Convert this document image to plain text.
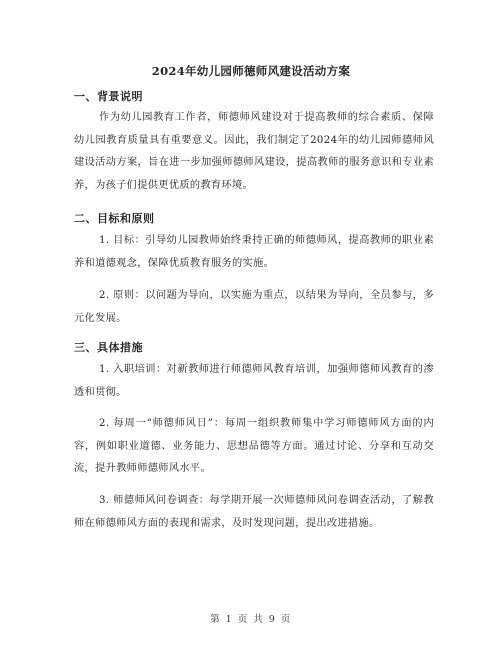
2024年幼儿园师德师风建设活动方案
一、背景说明

作为幼儿园教育工作者，师德师风建设对于提高教师的综合素质、保障幼儿园教育质量具有重要意义。因此，我们制定了2024年的幼儿园师德师风建设活动方案，旨在进一步加强师德师风建设，提高教师的服务意识和专业素养，为孩子们提供更优质的教育环境。

二、目标和原则

1. 目标：引导幼儿园教师始终秉持正确的师德师风，提高教师的职业素养和道德观念，保障优质教育服务的实施。

2. 原则：以问题为导向，以实施为重点，以结果为导向，全员参与，多元化发展。

三、具体措施

1. 入职培训：对新教师进行师德师风教育培训，加强师德师风教育的渗透和贯彻。

2. 每周一“师德师风日”：每周一组织教师集中学习师德师风方面的内容，例如职业道德、业务能力、思想品德等方面。通过讨论、分享和互动交流，提升教师师德师风水平。

3. 师德师风问卷调查：每学期开展一次师德师风问卷调查活动，了解教师在师德师风方面的表现和需求，及时发现问题，提出改进措施。

第 1 页 共 9 页
